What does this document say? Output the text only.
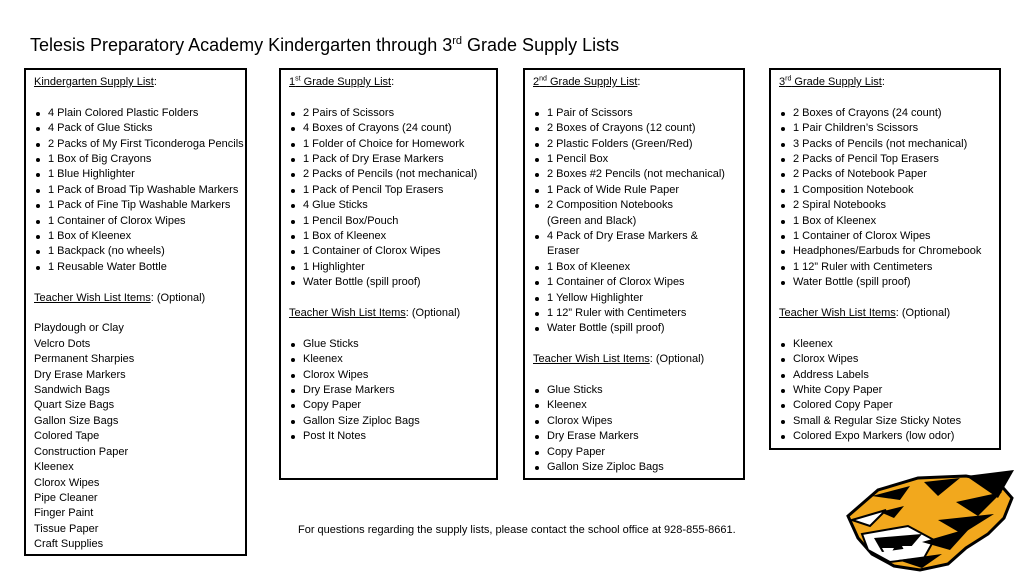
Telesis Preparatory Academy Kindergarten through 3rd Grade Supply Lists
Kindergarten Supply List:
4 Plain Colored Plastic Folders
4 Pack of Glue Sticks
2 Packs of My First Ticonderoga Pencils
1 Box of Big Crayons
1 Blue Highlighter
1 Pack of Broad Tip Washable Markers
1 Pack of Fine Tip Washable Markers
1 Container of Clorox Wipes
1 Box of Kleenex
1 Backpack (no wheels)
1 Reusable Water Bottle
Teacher Wish List Items: (Optional)
Playdough or Clay
Velcro Dots
Permanent Sharpies
Dry Erase Markers
Sandwich Bags
Quart Size Bags
Gallon Size Bags
Colored Tape
Construction Paper
Kleenex
Clorox Wipes
Pipe Cleaner
Finger Paint
Tissue Paper
Craft Supplies
1st Grade Supply List:
2 Pairs of Scissors
4 Boxes of Crayons (24 count)
1 Folder of Choice for Homework
1 Pack of Dry Erase Markers
2 Packs of Pencils (not mechanical)
1 Pack of Pencil Top Erasers
4 Glue Sticks
1 Pencil Box/Pouch
1 Box of Kleenex
1 Container of Clorox Wipes
1 Highlighter
Water Bottle (spill proof)
Teacher Wish List Items: (Optional)
Glue Sticks
Kleenex
Clorox Wipes
Dry Erase Markers
Copy Paper
Gallon Size Ziploc Bags
Post It Notes
2nd Grade Supply List:
1 Pair of Scissors
2 Boxes of Crayons (12 count)
2 Plastic Folders (Green/Red)
1 Pencil Box
2 Boxes #2 Pencils (not mechanical)
1 Pack of Wide Rule Paper
2 Composition Notebooks
(Green and Black)
4 Pack of Dry Erase Markers &
Eraser
1 Box of Kleenex
1 Container of Clorox Wipes
1 Yellow Highlighter
1 12” Ruler with Centimeters
Water Bottle (spill proof)
Teacher Wish List Items: (Optional)
Glue Sticks
Kleenex
Clorox Wipes
Dry Erase Markers
Copy Paper
Gallon Size Ziploc Bags
3rd Grade Supply List:
2 Boxes of Crayons (24 count)
1 Pair Children’s Scissors
3 Packs of Pencils (not mechanical)
2 Packs of Pencil Top Erasers
2 Packs of Notebook Paper
1 Composition Notebook
2 Spiral Notebooks
1 Box of Kleenex
1 Container of Clorox Wipes
Headphones/Earbuds for Chromebook
1 12” Ruler with Centimeters
Water Bottle (spill proof)
Teacher Wish List Items: (Optional)
Kleenex
Clorox Wipes
Address Labels
White Copy Paper
Colored Copy Paper
Small & Regular Size Sticky Notes
Colored Expo Markers (low odor)
For questions regarding the supply lists, please contact the school office at 928-855-8661.
